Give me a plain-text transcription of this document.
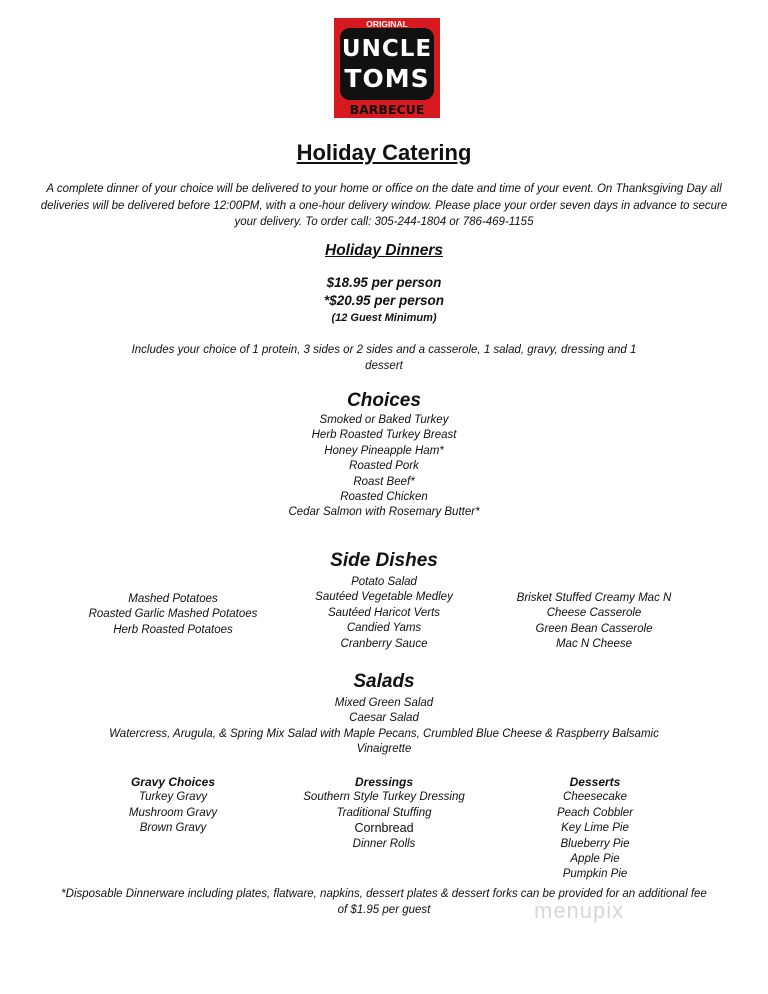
ORIGINAL
UNCLE
TOMS
BARBECUE
Holiday Catering
A complete dinner of your choice will be delivered to your home or office on the date and time of your event. On Thanksgiving Day all deliveries will be delivered before 12:00PM, with a one-hour delivery window. Please place your order seven days in advance to secure your delivery. To order call: 305-244-1804 or 786-469-1155
Holiday Dinners
$18.95 per person
*$20.95 per person
(12 Guest Minimum)
Includes your choice of 1 protein, 3 sides or 2 sides and a casserole, 1 salad, gravy, dressing and 1 dessert
Choices
Smoked or Baked Turkey
Herb Roasted Turkey Breast
Honey Pineapple Ham*
Roasted Pork
Roast Beef*
Roasted Chicken
Cedar Salmon with Rosemary Butter*
Side Dishes
Mashed Potatoes
Roasted Garlic Mashed Potatoes
Herb Roasted Potatoes
Potato Salad
Sautéed Vegetable Medley
Sautéed Haricot Verts
Candied Yams
Cranberry Sauce
Brisket Stuffed Creamy Mac N
Cheese Casserole
Green Bean Casserole
Mac N Cheese
Salads
Mixed Green Salad
Caesar Salad
Watercress, Arugula, & Spring Mix Salad with Maple Pecans, Crumbled Blue Cheese & Raspberry Balsamic
Vinaigrette
Gravy Choices
Turkey Gravy
Mushroom Gravy
Brown Gravy
Dressings
Southern Style Turkey Dressing
Traditional Stuffing
Cornbread
Dinner Rolls
Desserts
Cheesecake
Peach Cobbler
Key Lime Pie
Blueberry Pie
Apple Pie
Pumpkin Pie
*Disposable Dinnerware including plates, flatware, napkins, dessert plates & dessert forks can be provided for an additional fee of $1.95 per guest	menupix
